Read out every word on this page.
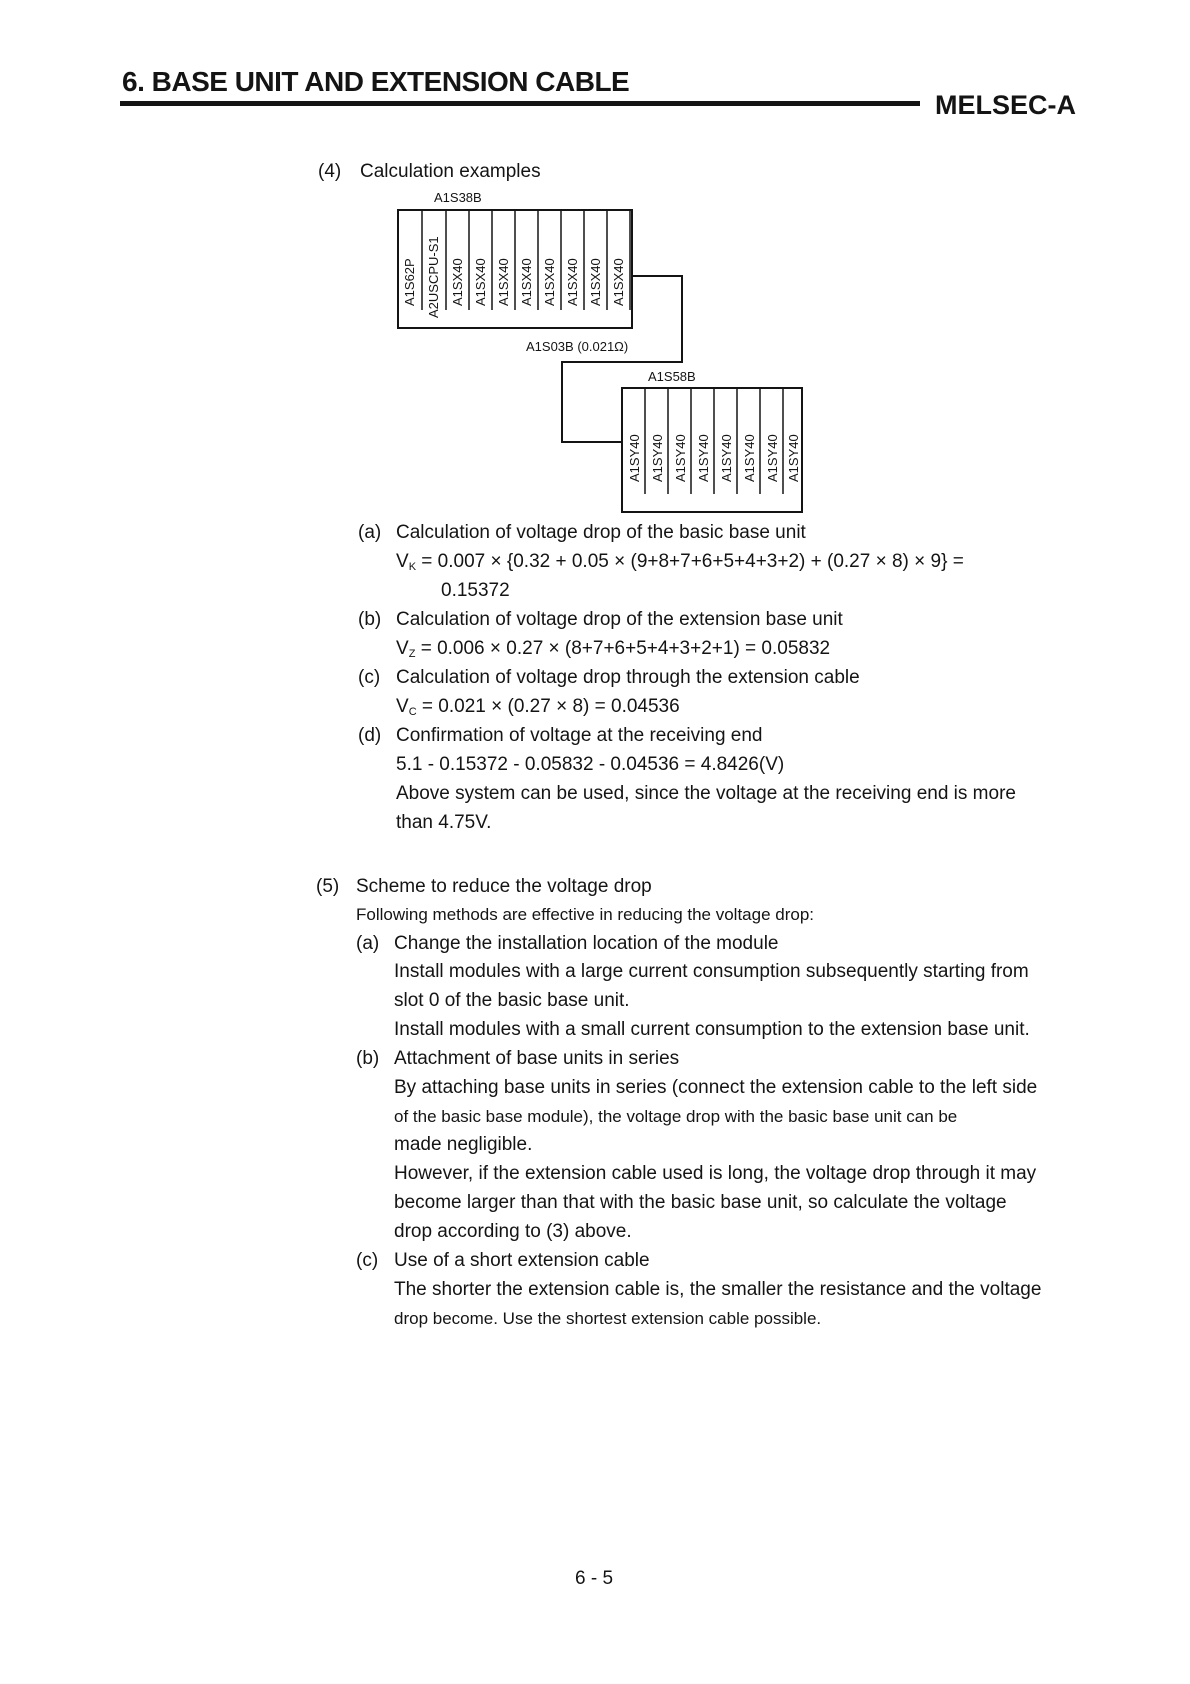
6. BASE UNIT AND EXTENSION CABLE
MELSEC-A
(4) Calculation examples
A1S38B
A1S62P A2USCPU-S1 A1SX40 A1SX40 A1SX40 A1SX40 A1SX40 A1SX40 A1SX40 A1SX40
A1S03B (0.021Ω)
A1S58B
A1SY40 A1SY40 A1SY40 A1SY40 A1SY40 A1SY40 A1SY40 A1SY40
(a) Calculation of voltage drop of the basic base unit
$V_K = 0.007 \times \{0.32 + 0.05 \times (9+8+7+6+5+4+3+2) + (0.27 \times 8) \times 9\}$ =
0.15372
(b) Calculation of voltage drop of the extension base unit
$V_Z = 0.006 \times 0.27 \times (8+7+6+5+4+3+2+1) = 0.05832$
(c) Calculation of voltage drop through the extension cable
$V_C = 0.021 \times (0.27 \times 8) = 0.04536$
(d) Confirmation of voltage at the receiving end
5.1 - 0.15372 - 0.05832 - 0.04536 = 4.8426(V)
Above system can be used, since the voltage at the receiving end is more
than 4.75V.
(5) Scheme to reduce the voltage drop
Following methods are effective in reducing the voltage drop:
(a) Change the installation location of the module
Install modules with a large current consumption subsequently starting from
slot 0 of the basic base unit.
Install modules with a small current consumption to the extension base unit.
(b) Attachment of base units in series
By attaching base units in series (connect the extension cable to the left side
of the basic base module), the voltage drop with the basic base unit can be
made negligible.
However, if the extension cable used is long, the voltage drop through it may
become larger than that with the basic base unit, so calculate the voltage
drop according to (3) above.
(c) Use of a short extension cable
The shorter the extension cable is, the smaller the resistance and the voltage
drop become. Use the shortest extension cable possible.
6 - 5
